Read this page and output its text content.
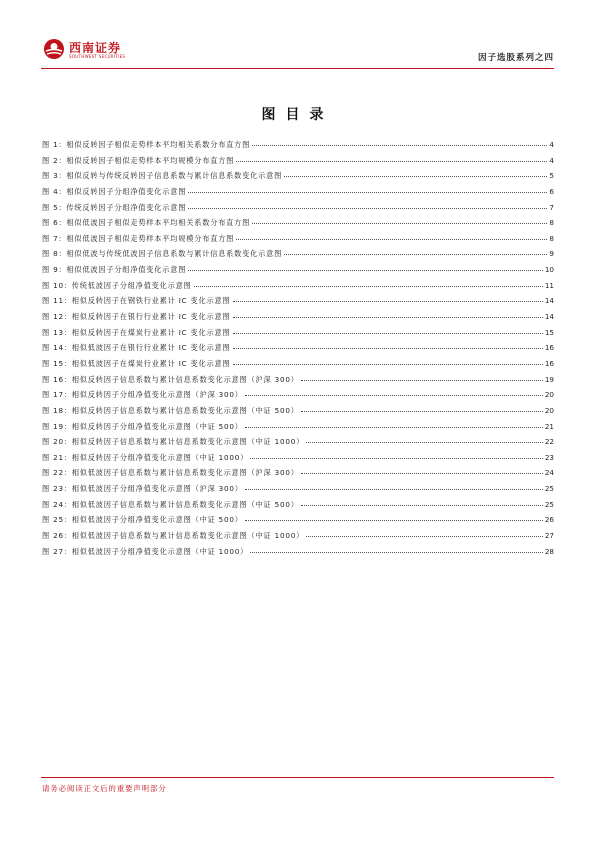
西南证券
SOUTHWEST SECURITIES	因子选股系列之四
图目录
图 1：相似反转因子相似走势样本平均相关系数分布直方图	4
图 2：相似反转因子相似走势样本平均规模分布直方图	4
图 3：相似反转与传统反转因子信息系数与累计信息系数变化示意图	5
图 4：相似反转因子分组净值变化示意图	6
图 5：传统反转因子分组净值变化示意图	7
图 6：相似低波因子相似走势样本平均相关系数分布直方图	8
图 7：相似低波因子相似走势样本平均规模分布直方图	8
图 8：相似低波与传统低波因子信息系数与累计信息系数变化示意图	9
图 9：相似低波因子分组净值变化示意图	10
图 10：传统低波因子分组净值变化示意图	11
图 11：相似反转因子在钢铁行业累计 IC 变化示意图	14
图 12：相似反转因子在银行行业累计 IC 变化示意图	14
图 13：相似反转因子在煤炭行业累计 IC 变化示意图	15
图 14：相似低波因子在银行行业累计 IC 变化示意图	16
图 15：相似低波因子在煤炭行业累计 IC 变化示意图	16
图 16：相似反转因子信息系数与累计信息系数变化示意图（沪深 300）	19
图 17：相似反转因子分组净值变化示意图（沪深 300）	20
图 18：相似反转因子信息系数与累计信息系数变化示意图（中证 500）	20
图 19：相似反转因子分组净值变化示意图（中证 500）	21
图 20：相似反转因子信息系数与累计信息系数变化示意图（中证 1000）	22
图 21：相似反转因子分组净值变化示意图（中证 1000）	23
图 22：相似低波因子信息系数与累计信息系数变化示意图（沪深 300）	24
图 23：相似低波因子分组净值变化示意图（沪深 300）	25
图 24：相似低波因子信息系数与累计信息系数变化示意图（中证 500）	25
图 25：相似低波因子分组净值变化示意图（中证 500）	26
图 26：相似低波因子信息系数与累计信息系数变化示意图（中证 1000）	27
图 27：相似低波因子分组净值变化示意图（中证 1000）	28
请务必阅读正文后的重要声明部分
